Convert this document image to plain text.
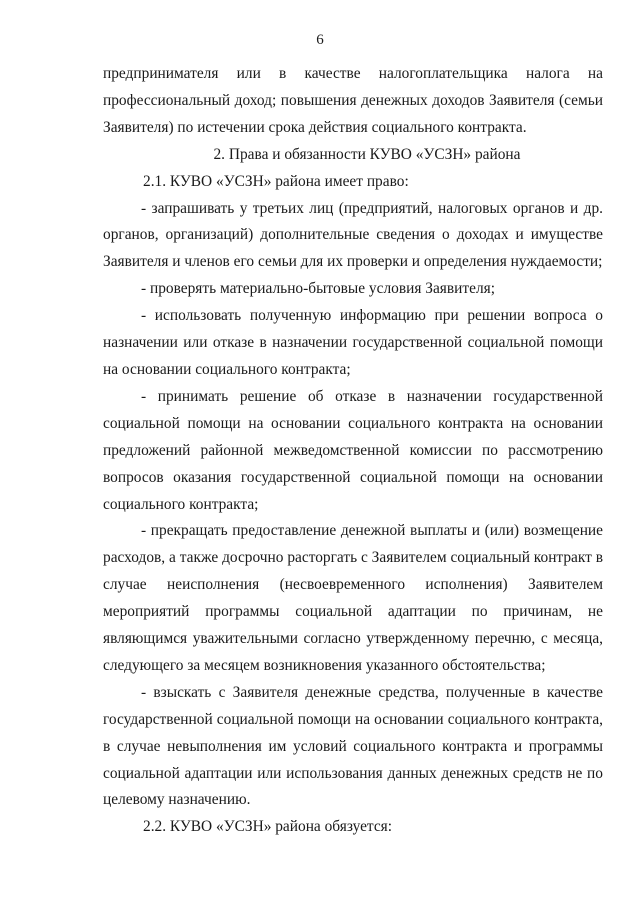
6

предпринимателя или в качестве налогоплательщика налога на профессиональный доход; повышения денежных доходов Заявителя (семьи Заявителя) по истечении срока действия социального контракта.

2. Права и обязанности КУВО «УСЗН» района

2.1. КУВО «УСЗН» района имеет право:

- запрашивать у третьих лиц (предприятий, налоговых органов и др. органов, организаций) дополнительные сведения о доходах и имуществе Заявителя и членов его семьи для их проверки и определения нуждаемости;

- проверять материально-бытовые условия Заявителя;

- использовать полученную информацию при решении вопроса о назначении или отказе в назначении государственной социальной помощи на основании социального контракта;

- принимать решение об отказе в назначении государственной социальной помощи на основании социального контракта на основании предложений районной межведомственной комиссии по рассмотрению вопросов оказания государственной социальной помощи на основании социального контракта;

- прекращать предоставление денежной выплаты и (или) возмещение расходов, а также досрочно расторгать с Заявителем социальный контракт в случае неисполнения (несвоевременного исполнения) Заявителем мероприятий программы социальной адаптации по причинам, не являющимся уважительными согласно утвержденному перечню, с месяца, следующего за месяцем возникновения указанного обстоятельства;

- взыскать с Заявителя денежные средства, полученные в качестве государственной социальной помощи на основании социального контракта, в случае невыполнения им условий социального контракта и программы социальной адаптации или использования данных денежных средств не по целевому назначению.

2.2. КУВО «УСЗН» района обязуется:
